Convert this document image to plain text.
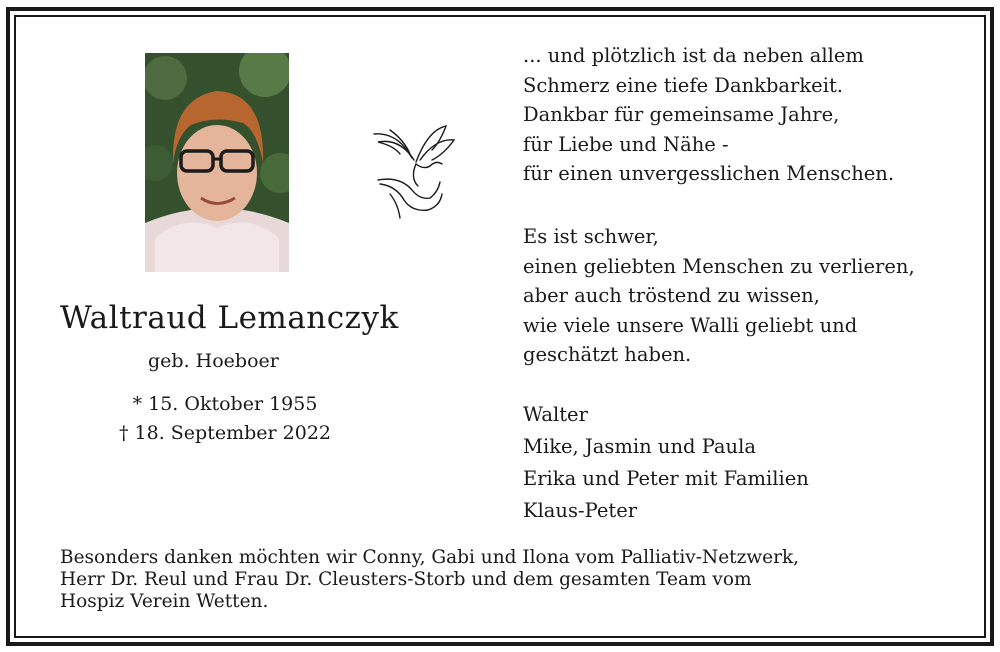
Waltraud Lemanczyk
geb. Hoeboer
* 15. Oktober 1955
† 18. September 2022
... und plötzlich ist da neben allem
Schmerz eine tiefe Dankbarkeit.
Dankbar für gemeinsame Jahre,
für Liebe und Nähe -
für einen unvergesslichen Menschen.
Es ist schwer,
einen geliebten Menschen zu verlieren,
aber auch tröstend zu wissen,
wie viele unsere Walli geliebt und
geschätzt haben.
Walter
Mike, Jasmin und Paula
Erika und Peter mit Familien
Klaus-Peter
Besonders danken möchten wir Conny, Gabi und Ilona vom Palliativ-Netzwerk,
Herr Dr. Reul und Frau Dr. Cleusters-Storb und dem gesamten Team vom
Hospiz Verein Wetten.
